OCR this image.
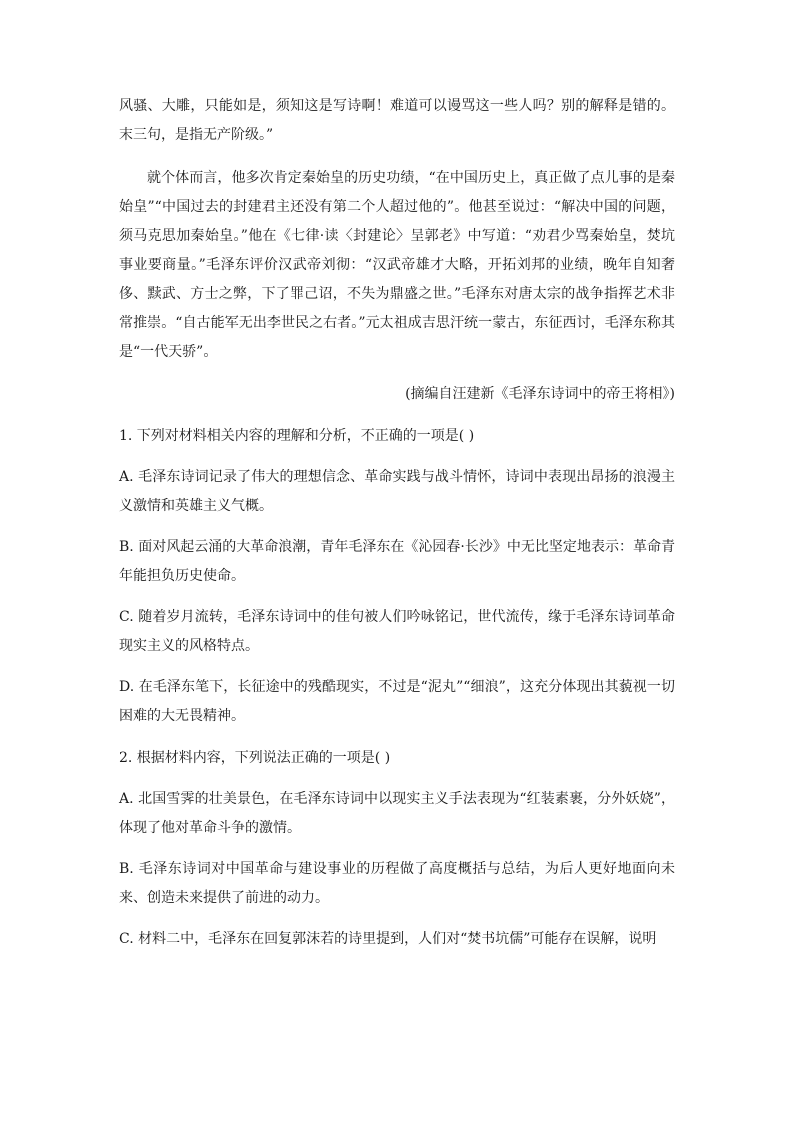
风骚、大雕，只能如是，须知这是写诗啊！难道可以谩骂这一些人吗？别的解释是错的。末三句，是指无产阶级。”

就个体而言，他多次肯定秦始皇的历史功绩，“在中国历史上，真正做了点儿事的是秦始皇”“中国过去的封建君主还没有第二个人超过他的”。他甚至说过：“解决中国的问题，须马克思加秦始皇。”他在《七律·读〈封建论〉呈郭老》中写道：“劝君少骂秦始皇，焚坑事业要商量。”毛泽东评价汉武帝刘彻：“汉武帝雄才大略，开拓刘邦的业绩，晚年自知奢侈、黩武、方士之弊，下了罪己诏，不失为鼎盛之世。”毛泽东对唐太宗的战争指挥艺术非常推崇。“自古能军无出李世民之右者。”元太祖成吉思汗统一蒙古，东征西讨，毛泽东称其是“一代天骄”。

(摘编自汪建新《毛泽东诗词中的帝王将相》)

1. 下列对材料相关内容的理解和分析，不正确的一项是( )

A. 毛泽东诗词记录了伟大的理想信念、革命实践与战斗情怀，诗词中表现出昂扬的浪漫主义激情和英雄主义气概。

B. 面对风起云涌的大革命浪潮，青年毛泽东在《沁园春·长沙》中无比坚定地表示：革命青年能担负历史使命。

C. 随着岁月流转，毛泽东诗词中的佳句被人们吟咏铭记，世代流传，缘于毛泽东诗词革命现实主义的风格特点。

D. 在毛泽东笔下，长征途中的残酷现实，不过是“泥丸”“细浪”，这充分体现出其藐视一切困难的大无畏精神。

2. 根据材料内容，下列说法正确的一项是( )

A. 北国雪霁的壮美景色，在毛泽东诗词中以现实主义手法表现为“红装素裹，分外妖娆”，体现了他对革命斗争的激情。

B. 毛泽东诗词对中国革命与建设事业的历程做了高度概括与总结，为后人更好地面向未来、创造未来提供了前进的动力。

C. 材料二中，毛泽东在回复郭沫若的诗里提到，人们对“焚书坑儒”可能存在误解，说明
